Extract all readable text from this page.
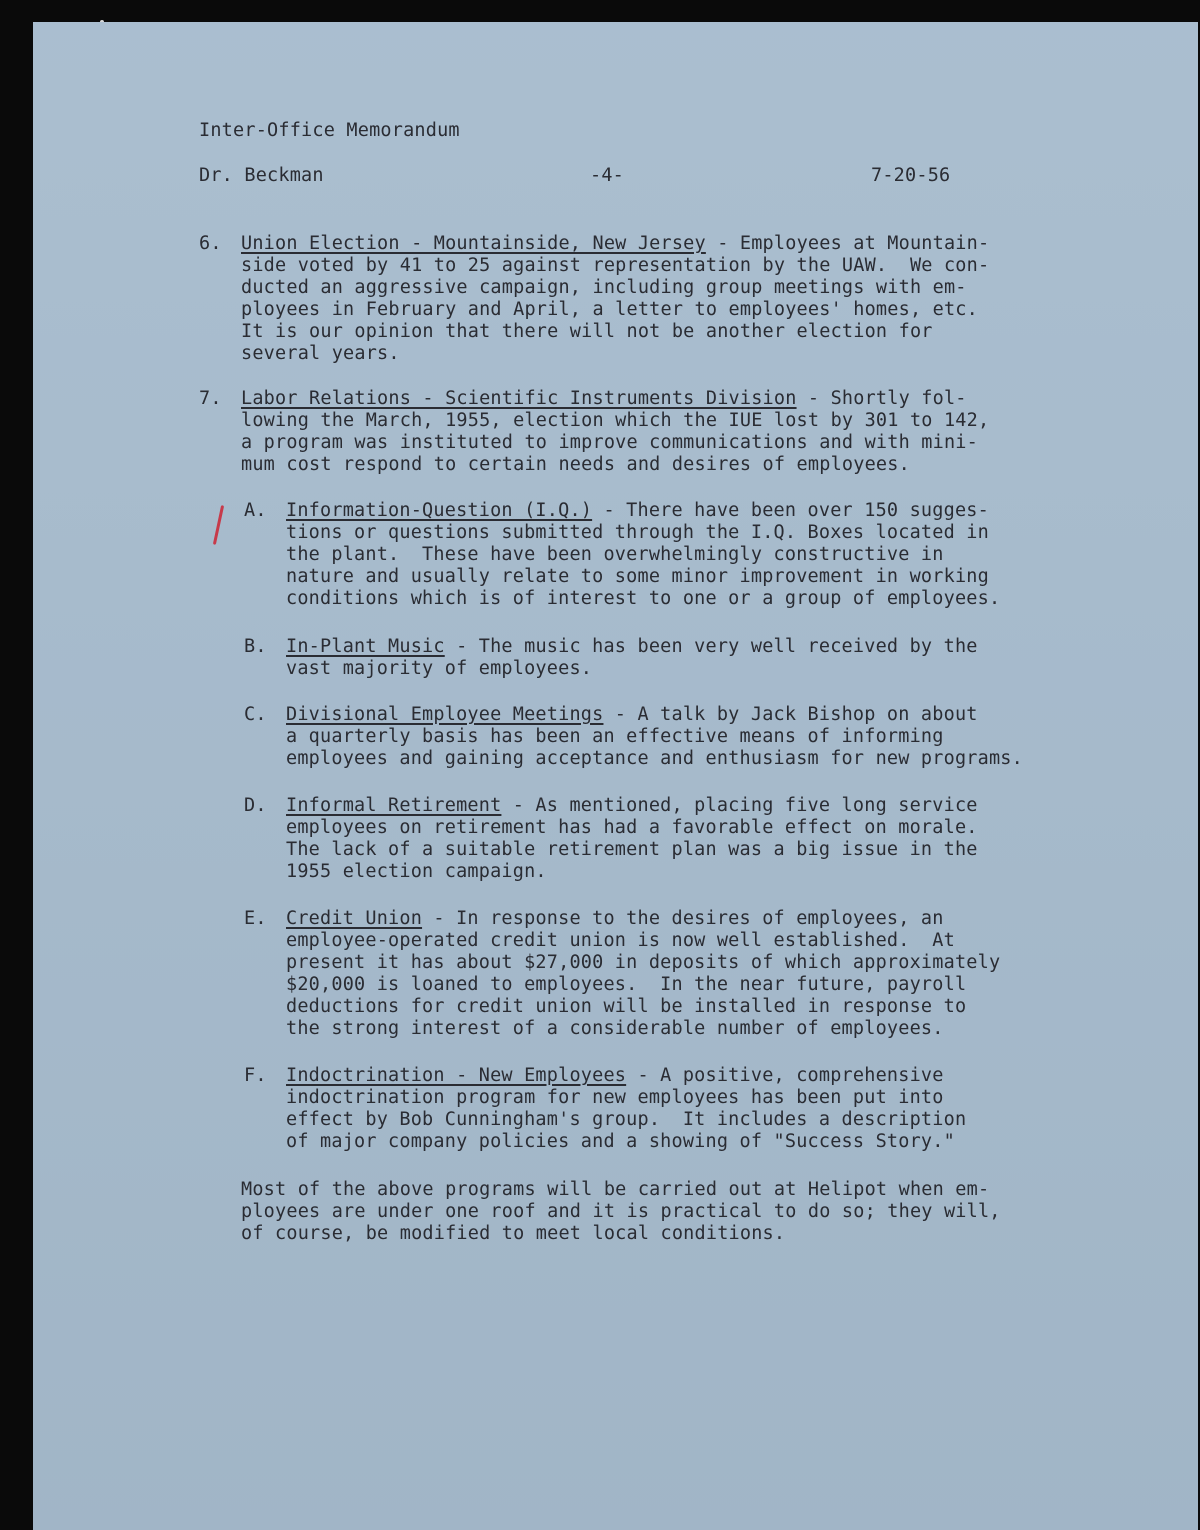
Inter-Office Memorandum
Dr. Beckman	-4-	7-20-56
6. Union Election - Mountainside, New Jersey - Employees at Mountain-
side voted by 41 to 25 against representation by the UAW.  We con-
ducted an aggressive campaign, including group meetings with em-
ployees in February and April, a letter to employees' homes, etc.
It is our opinion that there will not be another election for
several years.
7. Labor Relations - Scientific Instruments Division - Shortly fol-
lowing the March, 1955, election which the IUE lost by 301 to 142,
a program was instituted to improve communications and with mini-
mum cost respond to certain needs and desires of employees.
A. Information-Question (I.Q.) - There have been over 150 sugges-
tions or questions submitted through the I.Q. Boxes located in
the plant.  These have been overwhelmingly constructive in
nature and usually relate to some minor improvement in working
conditions which is of interest to one or a group of employees.
B. In-Plant Music - The music has been very well received by the
vast majority of employees.
C. Divisional Employee Meetings - A talk by Jack Bishop on about
a quarterly basis has been an effective means of informing
employees and gaining acceptance and enthusiasm for new programs.
D. Informal Retirement - As mentioned, placing five long service
employees on retirement has had a favorable effect on morale.
The lack of a suitable retirement plan was a big issue in the
1955 election campaign.
E. Credit Union - In response to the desires of employees, an
employee-operated credit union is now well established.  At
present it has about $27,000 in deposits of which approximately
$20,000 is loaned to employees.  In the near future, payroll
deductions for credit union will be installed in response to
the strong interest of a considerable number of employees.
F. Indoctrination - New Employees - A positive, comprehensive
indoctrination program for new employees has been put into
effect by Bob Cunningham's group.  It includes a description
of major company policies and a showing of "Success Story."
Most of the above programs will be carried out at Helipot when em-
ployees are under one roof and it is practical to do so; they will,
of course, be modified to meet local conditions.
